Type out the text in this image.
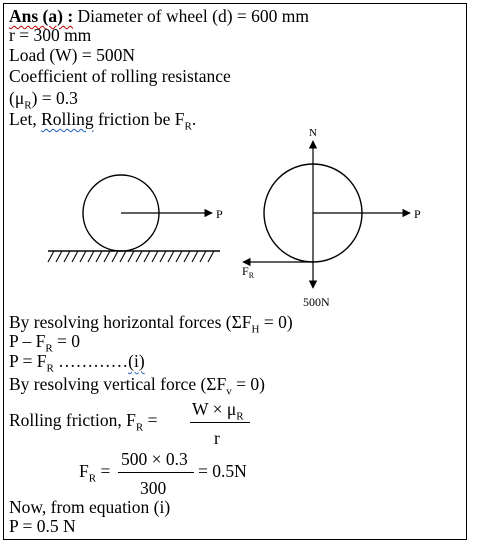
Ans (a) : Diameter of wheel (d) = 600 mm
r = 300 mm
Load (W) = 500N
Coefficient of rolling resistance
$(\mu_R) = 0.3$
Let, Rolling friction be $F_R$.
P
N
P
500N
$F_R$
By resolving horizontal forces $(\Sigma F_H = 0)$
$P - F_R = 0$
$P = F_R$ …………(i)
By resolving vertical force $(\Sigma F_v = 0)$
Rolling friction, $F_R$ =
$W \times \mu_R$
r
$F_R$ =
500 × 0.3
300
= 0.5N
Now, from equation (i)
P = 0.5 N
